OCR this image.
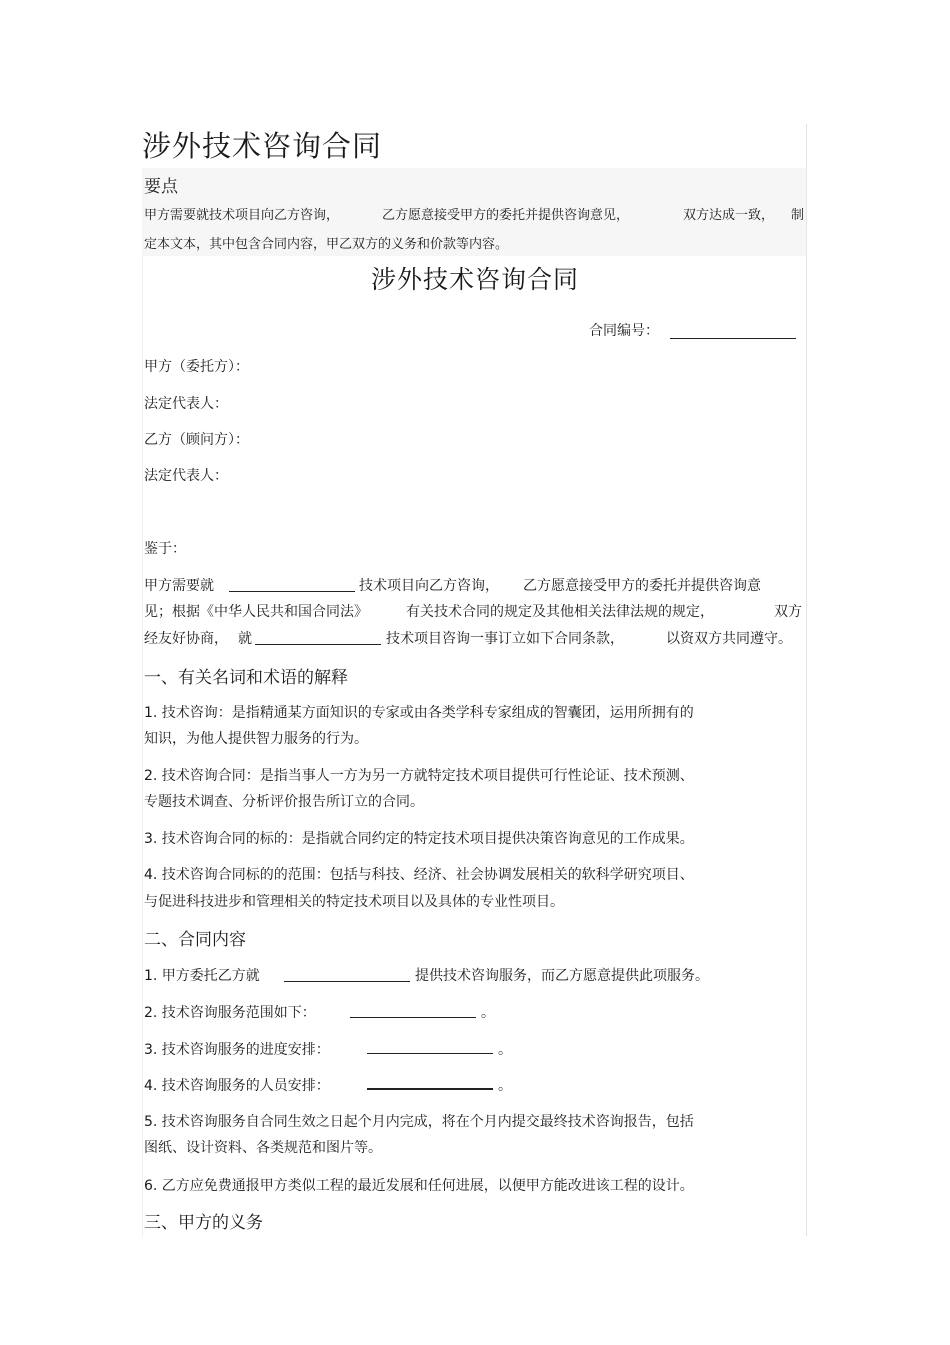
涉外技术咨询合同
要点
甲方需要就技术项目向乙方咨询，	乙方愿意接受甲方的委托并提供咨询意见，	双方达成一致， 制
定本文本，其中包含合同内容，甲乙双方的义务和价款等内容。
涉外技术咨询合同
合同编号：
甲方（委托方）：
法定代表人：
乙方（顾问方）：
法定代表人：
鉴于：
甲方需要就	技术项目向乙方咨询， 乙方愿意接受甲方的委托并提供咨询意
见；根据《中华人民共和国合同法》	有关技术合同的规定及其他相关法律法规的规定，	双方
经友好协商， 就	技术项目咨询一事订立如下合同条款，	以资双方共同遵守。
一、有关名词和术语的解释
1. 技术咨询：是指精通某方面知识的专家或由各类学科专家组成的智囊团，运用所拥有的
知识，为他人提供智力服务的行为。
2. 技术咨询合同：是指当事人一方为另一方就特定技术项目提供可行性论证、技术预测、
专题技术调查、分析评价报告所订立的合同。
3. 技术咨询合同的标的：是指就合同约定的特定技术项目提供决策咨询意见的工作成果。
4. 技术咨询合同标的的范围：包括与科技、经济、社会协调发展相关的软科学研究项目、
与促进科技进步和管理相关的特定技术项目以及具体的专业性项目。
二、合同内容
1. 甲方委托乙方就	提供技术咨询服务，而乙方愿意提供此项服务。
2. 技术咨询服务范围如下：	。
3. 技术咨询服务的进度安排：	。
4. 技术咨询服务的人员安排：	。
5. 技术咨询服务自合同生效之日起个月内完成，将在个月内提交最终技术咨询报告，包括
图纸、设计资料、各类规范和图片等。
6. 乙方应免费通报甲方类似工程的最近发展和任何进展，以便甲方能改进该工程的设计。
三、甲方的义务
